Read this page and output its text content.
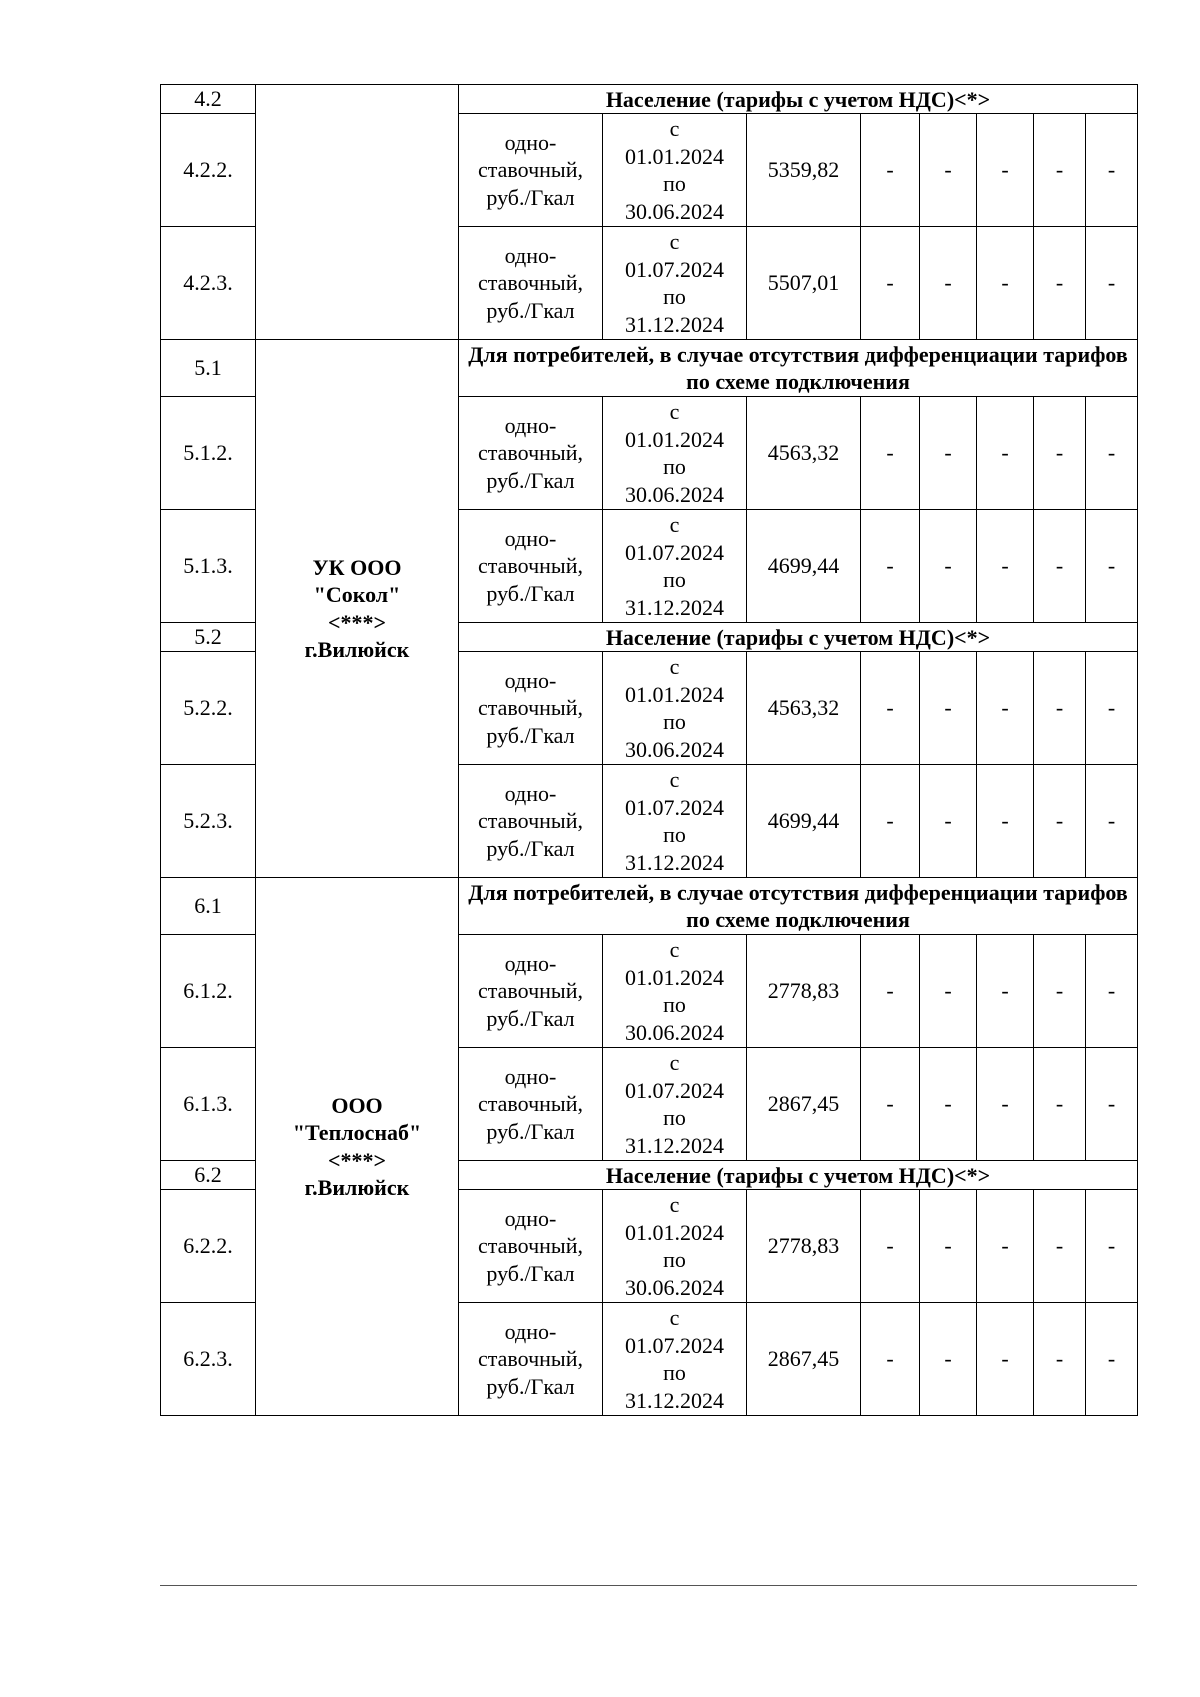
4.2		Население (тарифы с учетом НДС)<*>							
4.2.2.		одно-
ставочный,
руб./Гкал	с
01.01.2024
по
30.06.2024	5359,82	-	-	-	-	-
4.2.3.		одно-
ставочный,
руб./Гкал	с
01.07.2024
по
31.12.2024	5507,01	-	-	-	-	-
5.1	УК ООО
"Сокол"
<***>
г.Вилюйск	Для потребителей, в случае отсутствия дифференциации тарифов по схеме подключения							
5.1.2.		одно-
ставочный,
руб./Гкал	с
01.01.2024
по
30.06.2024	4563,32	-	-	-	-	-
5.1.3.		одно-
ставочный,
руб./Гкал	с
01.07.2024
по
31.12.2024	4699,44	-	-	-	-	-
5.2		Население (тарифы с учетом НДС)<*>							
5.2.2.		одно-
ставочный,
руб./Гкал	с
01.01.2024
по
30.06.2024	4563,32	-	-	-	-	-
5.2.3.		одно-
ставочный,
руб./Гкал	с
01.07.2024
по
31.12.2024	4699,44	-	-	-	-	-
6.1	ООО
"Теплоснаб"
<***>
г.Вилюйск	Для потребителей, в случае отсутствия дифференциации тарифов по схеме подключения							
6.1.2.		одно-
ставочный,
руб./Гкал	с
01.01.2024
по
30.06.2024	2778,83	-	-	-	-	-
6.1.3.		одно-
ставочный,
руб./Гкал	с
01.07.2024
по
31.12.2024	2867,45	-	-	-	-	-
6.2		Население (тарифы с учетом НДС)<*>							
6.2.2.		одно-
ставочный,
руб./Гкал	с
01.01.2024
по
30.06.2024	2778,83	-	-	-	-	-
6.2.3.		одно-
ставочный,
руб./Гкал	с
01.07.2024
по
31.12.2024	2867,45	-	-	-	-	-
